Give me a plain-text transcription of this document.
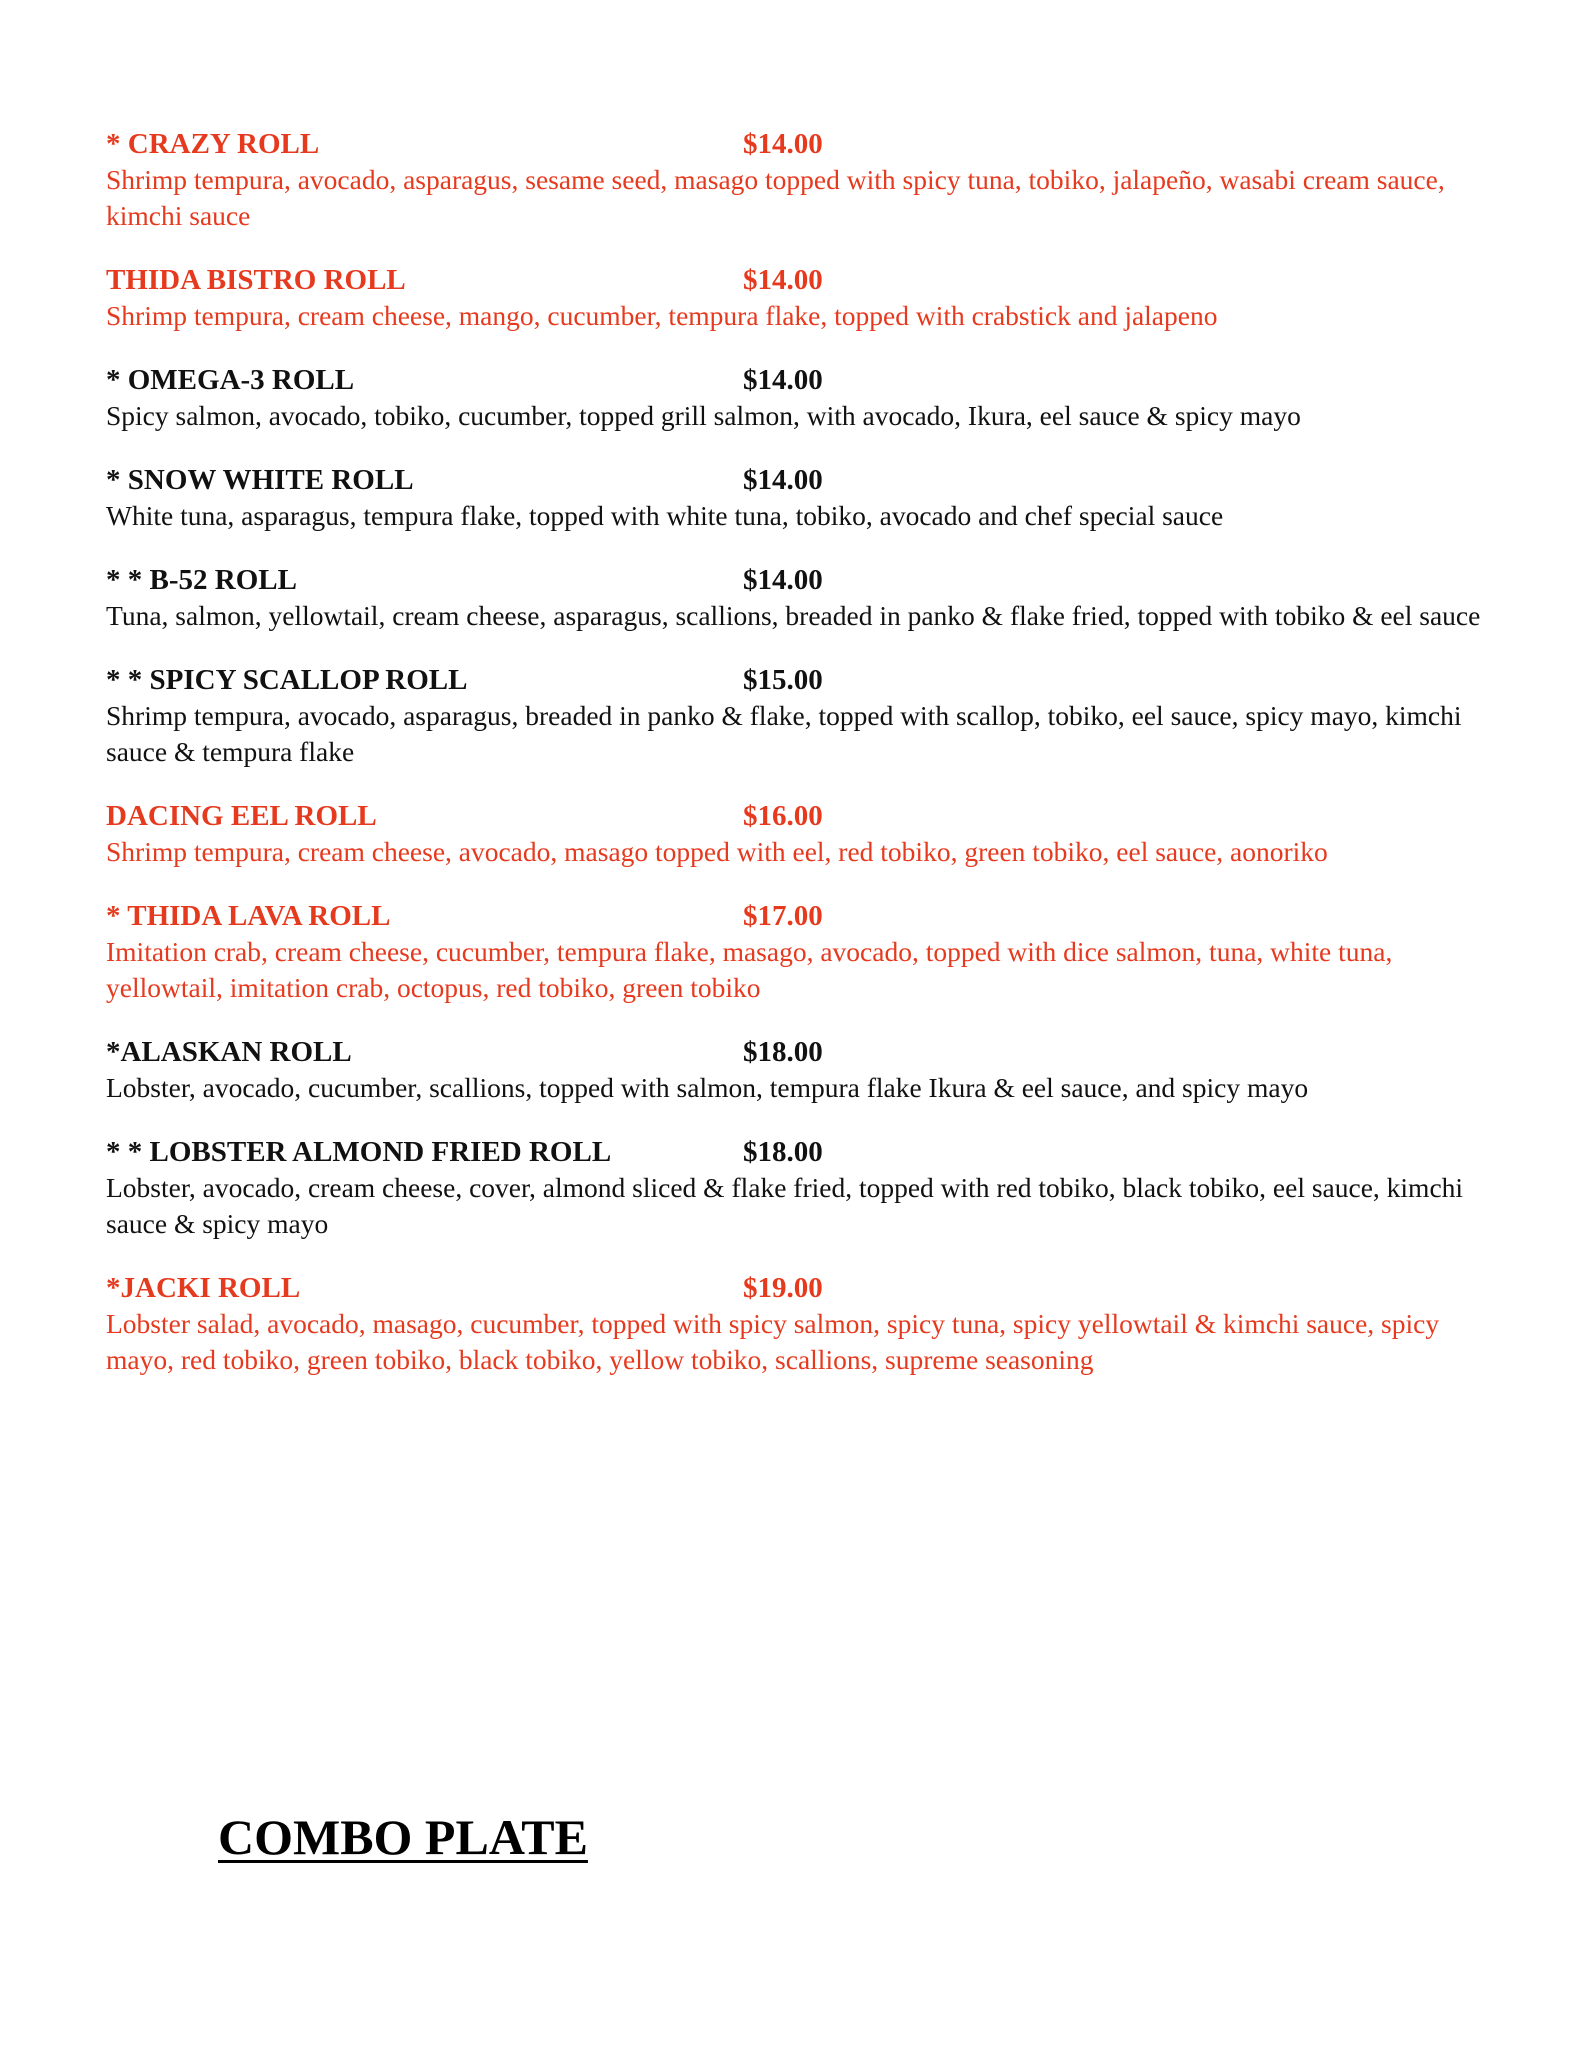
* CRAZY ROLL	$14.00

Shrimp tempura, avocado, asparagus, sesame seed, masago topped with spicy tuna, tobiko, jalapeño, wasabi cream sauce, kimchi sauce

THIDA BISTRO ROLL	$14.00

Shrimp tempura, cream cheese, mango, cucumber, tempura flake, topped with crabstick and jalapeno

* OMEGA-3 ROLL	$14.00

Spicy salmon, avocado, tobiko, cucumber, topped grill salmon, with avocado, Ikura, eel sauce & spicy mayo

* SNOW WHITE ROLL	$14.00

White tuna, asparagus, tempura flake, topped with white tuna, tobiko, avocado and chef special sauce

* * B-52 ROLL	$14.00

Tuna, salmon, yellowtail, cream cheese, asparagus, scallions, breaded in panko & flake fried, topped with tobiko & eel sauce

* * SPICY SCALLOP ROLL	$15.00

Shrimp tempura, avocado, asparagus, breaded in panko & flake, topped with scallop, tobiko, eel sauce, spicy mayo, kimchi sauce & tempura flake

DACING EEL ROLL	$16.00

Shrimp tempura, cream cheese, avocado, masago topped with eel, red tobiko, green tobiko, eel sauce, aonoriko

* THIDA LAVA ROLL	$17.00

Imitation crab, cream cheese, cucumber, tempura flake, masago, avocado, topped with dice salmon, tuna, white tuna, yellowtail, imitation crab, octopus, red tobiko, green tobiko

*ALASKAN ROLL	$18.00

Lobster, avocado, cucumber, scallions, topped with salmon, tempura flake Ikura & eel sauce, and spicy mayo

* * LOBSTER ALMOND FRIED ROLL	$18.00

Lobster, avocado, cream cheese, cover, almond sliced & flake fried, topped with red tobiko, black tobiko, eel sauce, kimchi sauce & spicy mayo

*JACKI ROLL	$19.00

Lobster salad, avocado, masago, cucumber, topped with spicy salmon, spicy tuna, spicy yellowtail & kimchi sauce, spicy mayo, red tobiko, green tobiko, black tobiko, yellow tobiko, scallions, supreme seasoning

COMBO PLATE
